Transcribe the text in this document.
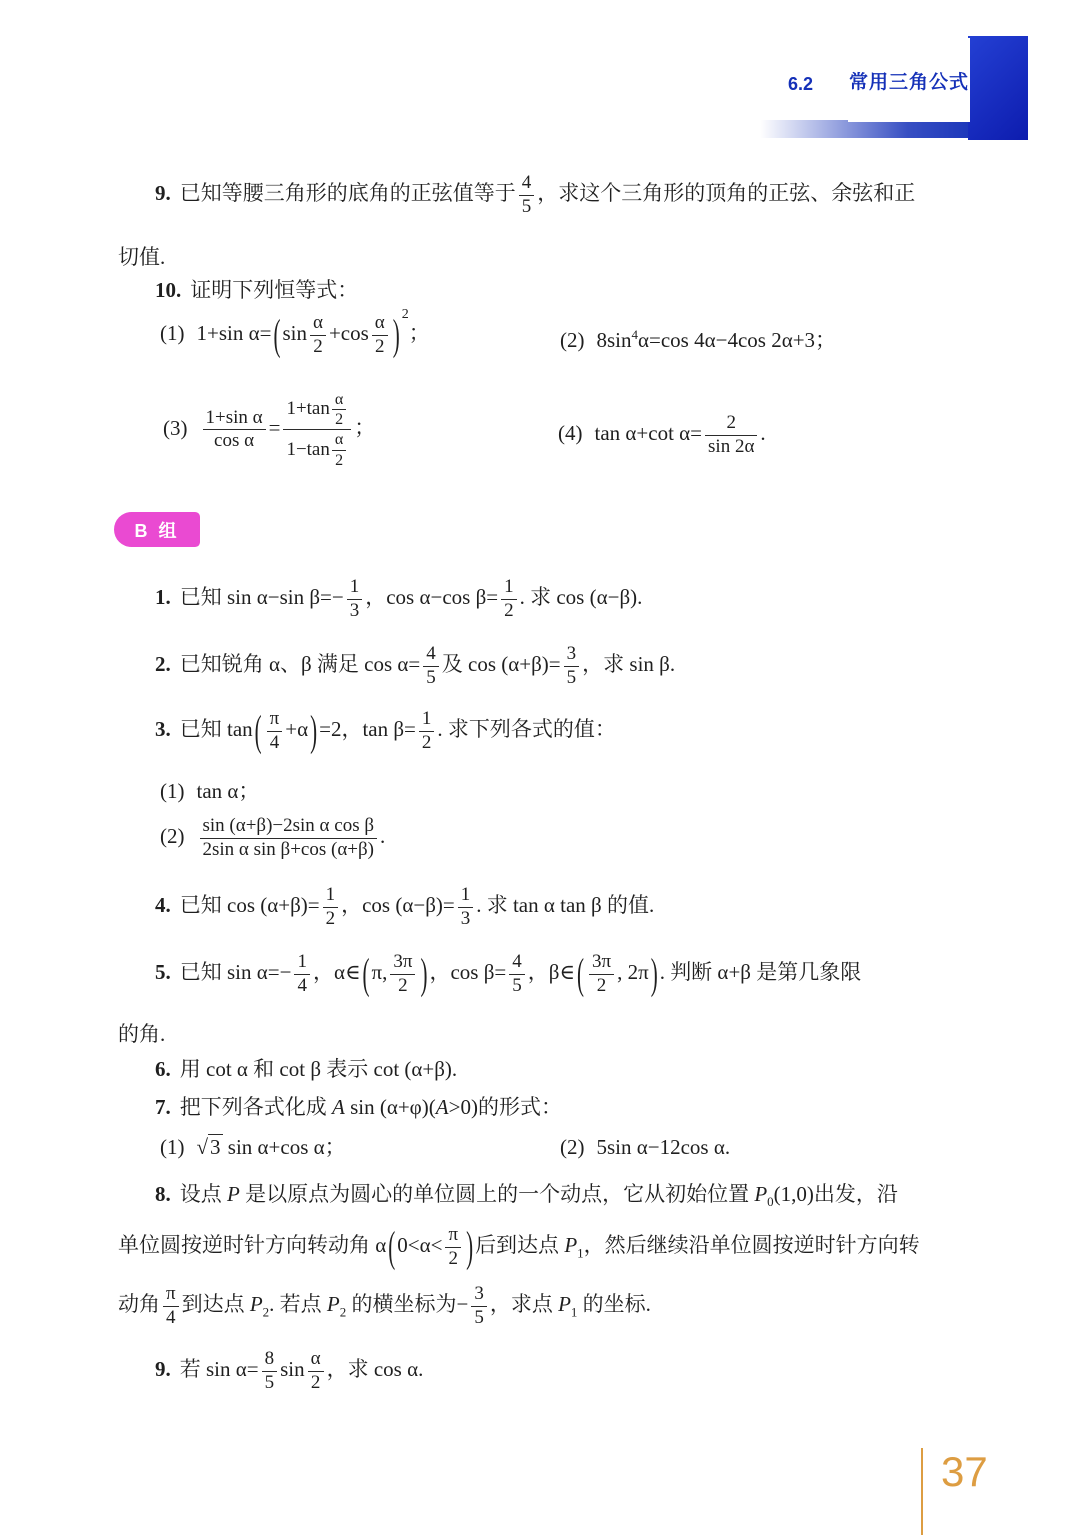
6.2 常用三角公式
9. 已知等腰三角形的底角的正弦值等于 $\frac{4}{5}$ ，求这个三角形的顶角的正弦、余弦和正
切值.
10. 证明下列恒等式：
(1) 1+sin $\alpha=(\sin \frac{\alpha}{2} +\cos \frac{\alpha}{2}$ ) 2；	(2) $8\sin^4\alpha=\cos$ 4α−4cos 2α+3；
$(3) \frac{\text{1+sin α}}{\text{cos α}} = 1+\tan$ α
2
1−tan α
2 ；	(4) tan α+cot $\alpha= \frac{2}{\sin 2\alpha}$ .
B 组
1. 已知 sin α−sin $\beta=- \frac{1}{3}$ ，cos α−cos $\beta= \frac{1}{2}$ . 求 cos (α−β).
2. 已知锐角 α、β 满足 $\cos \alpha= \frac{4}{5}$ 及 $\cos (\alpha+\beta)= \frac{3}{5}$ ，求 sin β.
3. 已知 $\tan( \frac{\pi}{4} +\alpha)=2$，$\tan \beta= \frac{1}{2}$ . 求下列各式的值：
(1) tan α；
$(2) \frac{\text{sin (α+β)−2sin α cos β}}{\text{2sin α sin β+cos (α+β)}}$ .
4. 已知 $\cos (\alpha+\beta)= \frac{1}{2}$ ，$\cos (\alpha-\beta)= \frac{1}{3}$ . 求 tan α tan β 的值.
5. 已知 $\sin \alpha=- \frac{1}{4}$ ，α∈(π, $\frac{3\pi}{2}$ )，$\cos \beta= \frac{4}{5}$ ，β∈( $\frac{3\pi}{2}$ , 2π). 判断 α+β 是第几象限
的角.
6. 用 cot α 和 cot β 表示 cot (α+β).
7. 把下列各式化成 A sin (α+φ)(A>0)的形式：
(1) √3 sin α+cos α；	(2) 5sin α−12cos α.
8. 设点 P 是以原点为圆心的单位圆上的一个动点，它从初始位置 $P_0(1,0)$出发，沿
单位圆按逆时针方向转动角 $\alpha(0<\alpha< \frac{\pi}{2}$ )后到达点 $P_1$，然后继续沿单位圆按逆时针方向转
动角 $\frac{\pi}{4}$ 到达点 $P_2$. 若点 $P_2$ 的横坐标为− $\frac{3}{5}$ ，求点 $P_1$ 的坐标.
9. 若 $\sin \alpha= \frac{8}{5}$ $\sin \frac{\alpha}{2}$ ，求 cos α.
37
